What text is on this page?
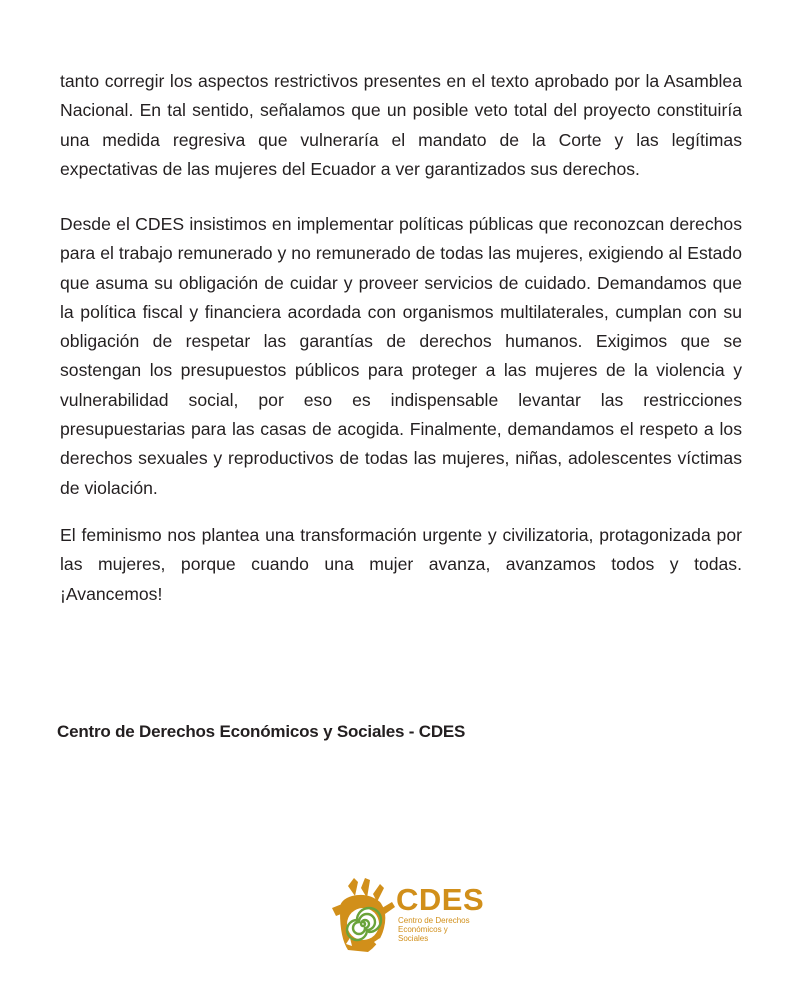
tanto corregir los aspectos restrictivos presentes en el texto aprobado por la Asamblea Nacional. En tal sentido, señalamos que un posible veto total del proyecto constituiría una medida regresiva que vulneraría el mandato de la Corte y las legítimas expectativas de las mujeres del Ecuador a ver garantizados sus derechos.

Desde el CDES insistimos en implementar políticas públicas que reconozcan derechos para el trabajo remunerado y no remunerado de todas las mujeres, exigiendo al Estado que asuma su obligación de cuidar y proveer servicios de cuidado. Demandamos que la política fiscal y financiera acordada con organismos multilaterales, cumplan con su obligación de respetar las garantías de derechos humanos. Exigimos que se sostengan los presupuestos públicos para proteger a las mujeres de la violencia y vulnerabilidad social, por eso es indispensable levantar las restricciones presupuestarias para las casas de acogida. Finalmente, demandamos el respeto a los derechos sexuales y reproductivos de todas las mujeres, niñas, adolescentes víctimas de violación.

El feminismo nos plantea una transformación urgente y civilizatoria, protagonizada por las mujeres, porque cuando una mujer avanza, avanzamos todos y todas. ¡Avancemos!

Centro de Derechos Económicos y Sociales - CDES

CDES
Centro de Derechos
Económicos y Sociales
